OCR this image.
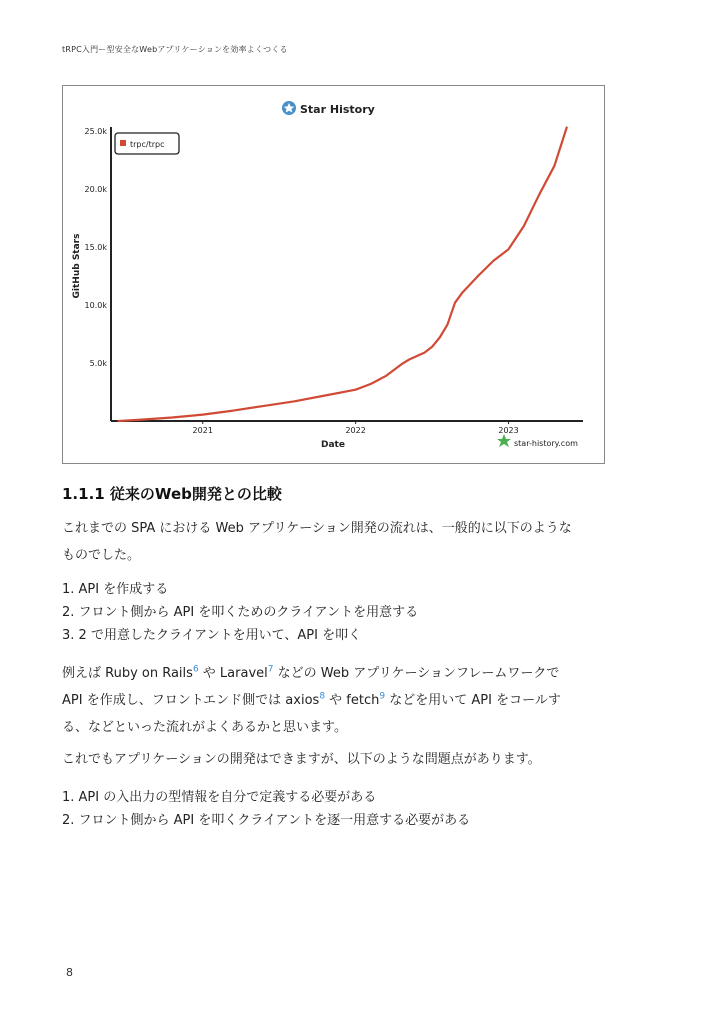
tRPC入門ー型安全なWebアプリケーションを効率よくつくる
Star History
GitHub Stars
Date
5.0k
10.0k
15.0k
20.0k
25.0k
2021	2022	2023
trpc/trpc
star-history.com
1.1.1 従来のWeb開発との比較

これまでの SPA における Web アプリケーション開発の流れは、一般的に以下のような
ものでした。

1. API を作成する
2. フロント側から API を叩くためのクライアントを用意する
3. 2 で用意したクライアントを用いて、API を叩く

例えば Ruby on Rails$^6$ や Laravel$^7$ などの Web アプリケーションフレームワークで
API を作成し、フロントエンド側では axios$^8$ や fetch$^9$ などを用いて API をコールす
る、などといった流れがよくあるかと思います。

これでもアプリケーションの開発はできますが、以下のような問題点があります。

1. API の入出力の型情報を自分で定義する必要がある
2. フロント側から API を叩くクライアントを逐一用意する必要がある
8
